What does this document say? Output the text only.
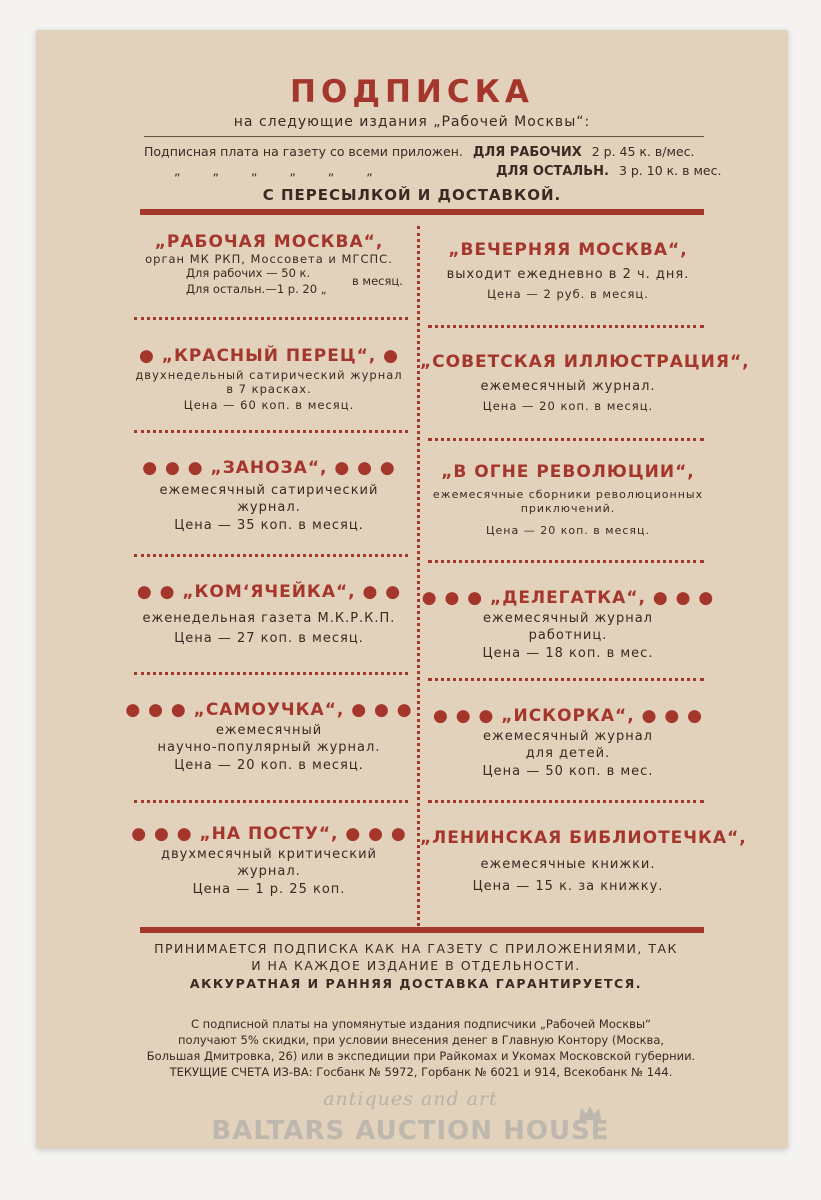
ПОДПИСКА
на следующие издания „Рабочей Москвы“:
Подписная плата на газету со всеми приложен. ДЛЯ РАБОЧИХ 2 р. 45 к. в/мес.
„ „ „ „ „ „	ДЛЯ ОСТАЛЬН. 3 р. 10 к. в мес.
С ПЕРЕСЫЛКОЙ И ДОСТАВКОЙ.
„РАБОЧАЯ МОСКВА“,
орган МК РКП, Моссовета и МГСПС.
Для рабочих — 50 к.
Для остальн.—1 р. 20 „
в месяц.
„ВЕЧЕРНЯЯ МОСКВА“,
выходит ежедневно в 2 ч. дня.
Цена — 2 руб. в месяц.
● „КРАСНЫЙ ПЕРЕЦ“, ●
двухнедельный сатирический журнал
в 7 красках.
Цена — 60 коп. в месяц.
„СОВЕТСКАЯ ИЛЛЮСТРАЦИЯ“,
ежемесячный журнал.
Цена — 20 коп. в месяц.
● ● ● „ЗАНОЗА“, ● ● ●
ежемесячный сатирический
журнал.
Цена — 35 коп. в месяц.
„В ОГНЕ РЕВОЛЮЦИИ“,
ежемесячные сборники революционных
приключений.
Цена — 20 коп. в месяц.
● ● „КОМ‘ЯЧЕЙКА“, ● ●
еженедельная газета М.К.Р.К.П.
Цена — 27 коп. в месяц.
● ● ● „ДЕЛЕГАТКА“, ● ● ●
ежемесячный журнал
работниц.
Цена — 18 коп. в мес.
● ● ● „САМОУЧКА“, ● ● ●
ежемесячный
научно-популярный журнал.
Цена — 20 коп. в месяц.
● ● ● „ИСКОРКА“, ● ● ●
ежемесячный журнал
для детей.
Цена — 50 коп. в мес.
● ● ● „НА ПОСТУ“, ● ● ●
двухмесячный критический
журнал.
Цена — 1 р. 25 коп.
„ЛЕНИНСКАЯ БИБЛИОТЕЧКА“,
ежемесячные книжки.
Цена — 15 к. за книжку.
ПРИНИМАЕТСЯ ПОДПИСКА КАК НА ГАЗЕТУ С ПРИЛОЖЕНИЯМИ, ТАК
И НА КАЖДОЕ ИЗДАНИЕ В ОТДЕЛЬНОСТИ.
АККУРАТНАЯ И РАННЯЯ ДОСТАВКА ГАРАНТИРУЕТСЯ.
С подписной платы на упомянутые издания подписчики „Рабочей Москвы“
получают 5% скидки, при условии внесения денег в Главную Контору (Москва,
Большая Дмитровка, 26) или в экспедиции при Райкомах и Укомах Московской губернии.
ТЕКУЩИЕ СЧЕТА ИЗ-ВА: Госбанк № 5972, Горбанк № 6021 и 914, Всекобанк № 144.
antiques and art
BALTARS AUCTION HOUSE
